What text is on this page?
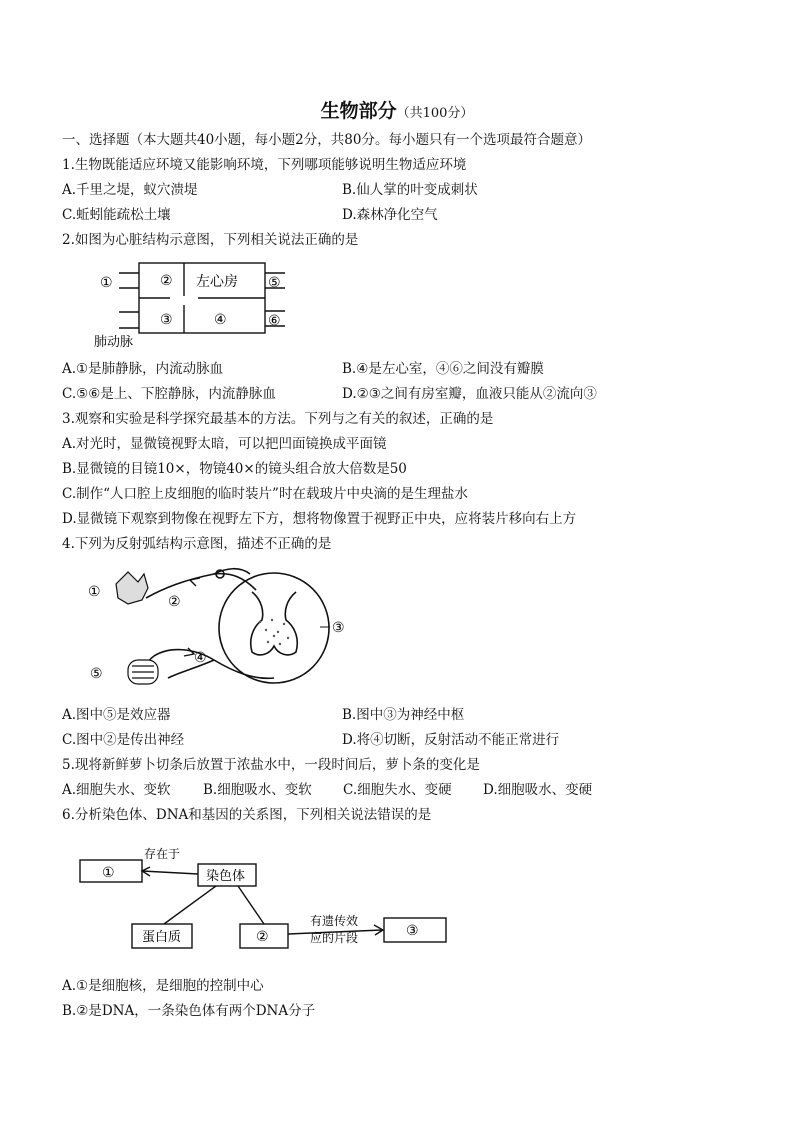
生物部分（共100分）
一、选择题（本大题共40小题，每小题2分，共80分。每小题只有一个选项最符合题意）
1.生物既能适应环境又能影响环境，下列哪项能够说明生物适应环境
A.千里之堤，蚁穴溃堤	B.仙人掌的叶变成刺状
C.蚯蚓能疏松土壤	D.森林净化空气
2.如图为心脏结构示意图，下列相关说法正确的是
①	② 左心房 ⑤
③	④	⑥
肺动脉
A.①是肺静脉，内流动脉血	B.④是左心室，④⑥之间没有瓣膜
C.⑤⑥是上、下腔静脉，内流静脉血	D.②③之间有房室瓣，血液只能从②流向③
3.观察和实验是科学探究最基本的方法。下列与之有关的叙述，正确的是
A.对光时，显微镜视野太暗，可以把凹面镜换成平面镜
B.显微镜的目镜10×，物镜40×的镜头组合放大倍数是50
C.制作“人口腔上皮细胞的临时装片”时在载玻片中央滴的是生理盐水
D.显微镜下观察到物像在视野左下方，想将物像置于视野正中央，应将装片移向右上方
4.下列为反射弧结构示意图，描述不正确的是
①
②
③
④
⑤
A.图中⑤是效应器	B.图中③为神经中枢
C.图中②是传出神经	D.将④切断，反射活动不能正常进行
5.现将新鲜萝卜切条后放置于浓盐水中，一段时间后，萝卜条的变化是
A.细胞失水、变软 B.细胞吸水、变软 C.细胞失水、变硬 D.细胞吸水、变硬
6.分析染色体、DNA和基因的关系图，下列相关说法错误的是
①
存在于
染色体
蛋白质	②
有遗传效
应的片段	③
A.①是细胞核，是细胞的控制中心
B.②是DNA，一条染色体有两个DNA分子
